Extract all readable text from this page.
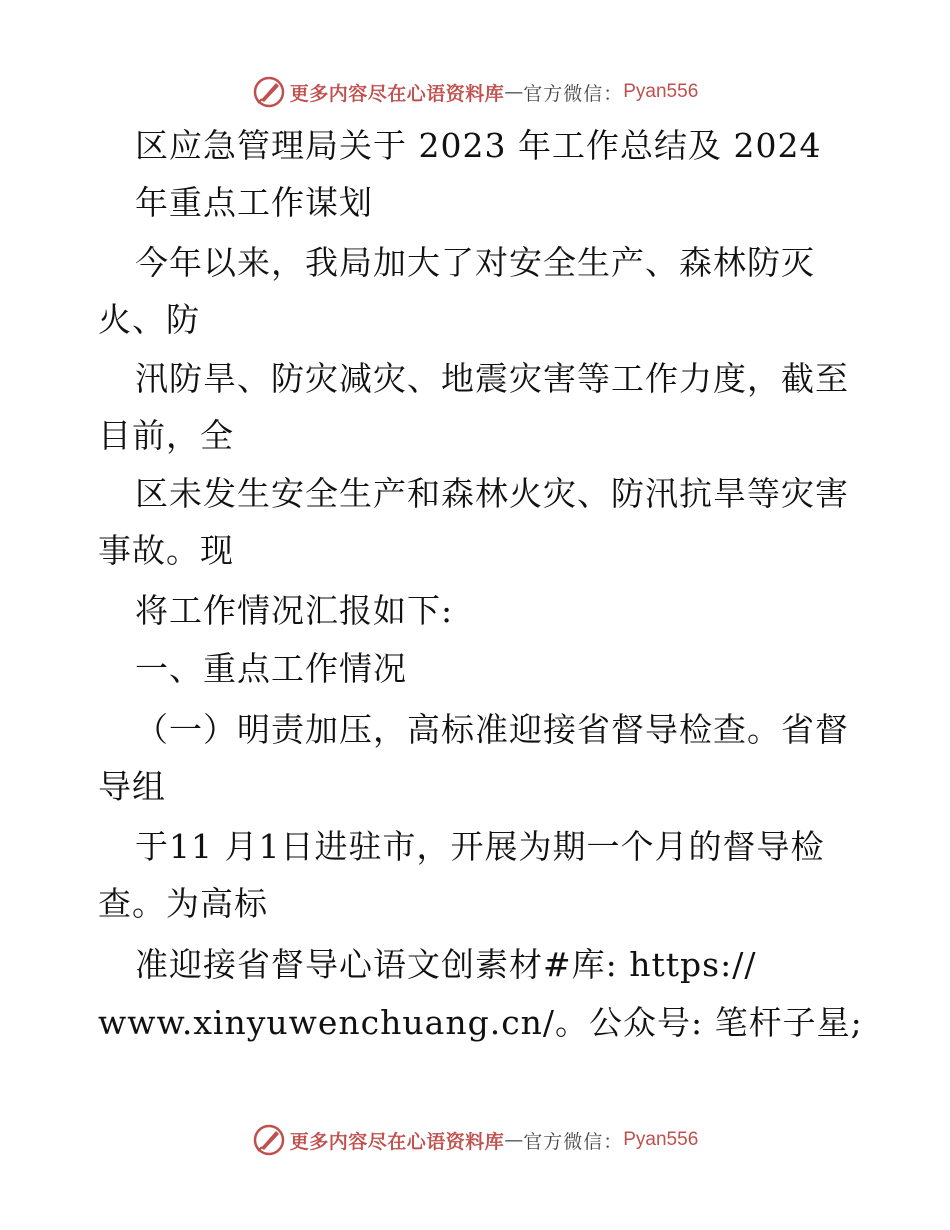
更多内容尽在心语资料库 — 官方微信： Pyan556
区应急管理局关于 2023 年工作总结及 2024
年重点工作谋划
今年以来，我局加大了对安全生产、森林防灭
火、防
汛防旱、防灾减灾、地震灾害等工作力度，截至
目前，全
区未发生安全生产和森林火灾、防汛抗旱等灾害
事故。现
将工作情况汇报如下:
一、重点工作情况
（一）明责加压，高标准迎接省督导检查。省督
导组
于11 月1日进驻市，开展为期一个月的督导检
查。为高标
准迎接省督导心语文创素材#库: https://
www.xinyuwenchuang.cn/。公众号: 笔杆子星;
更多内容尽在心语资料库 — 官方微信： Pyan556
